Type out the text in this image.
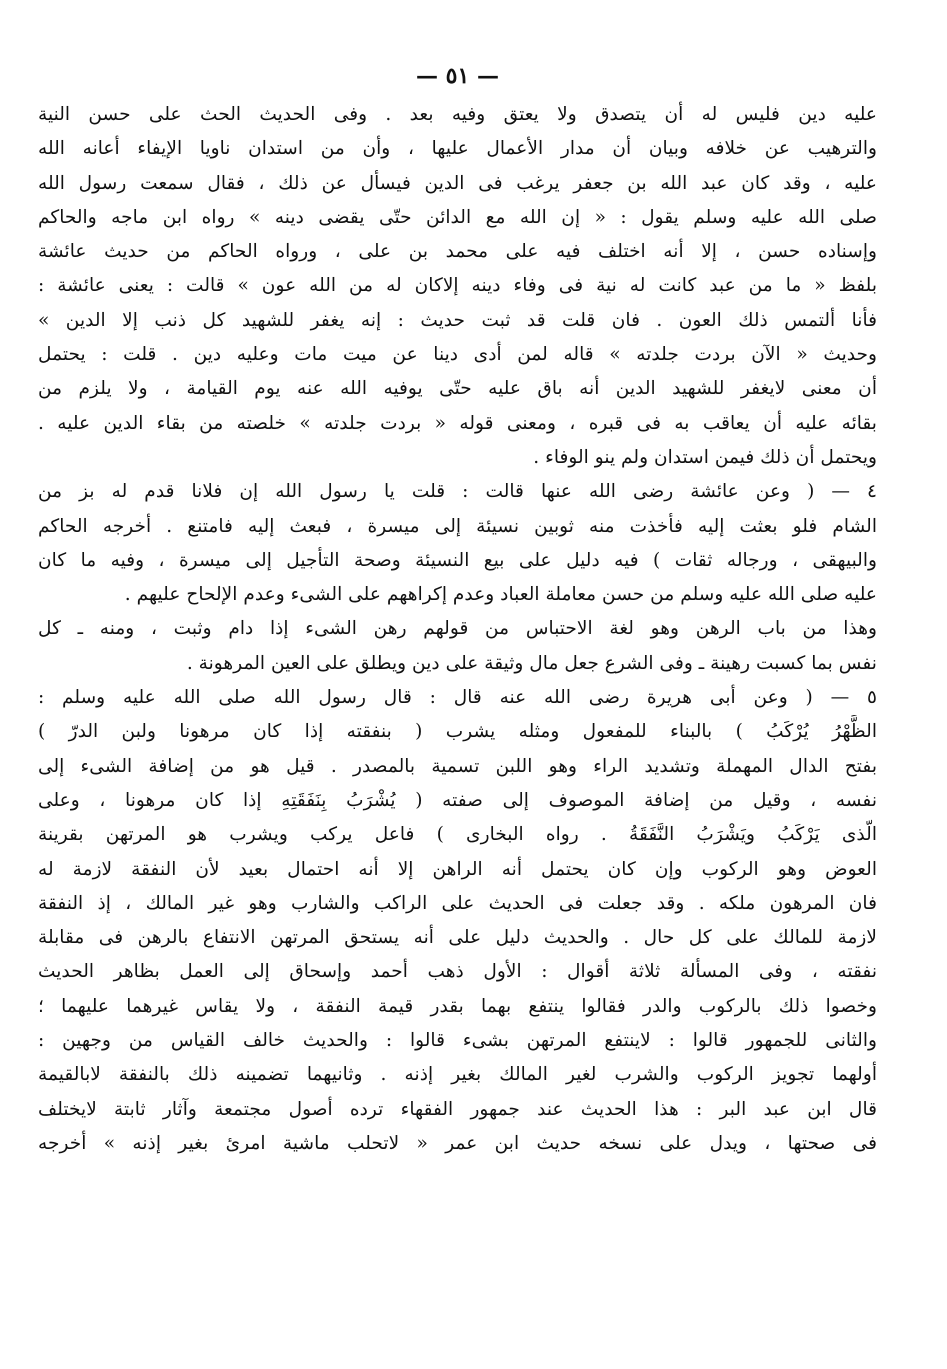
— ٥١ —
عليه دين فليس له أن يتصدق ولا يعتق وفيه بعد . وفى الحديث الحث على حسن النية
والترهيب عن خلافه وبيان أن مدار الأعمال عليها ، وأن من استدان ناويا الإيفاء أعانه الله
عليه ، وقد كان عبد الله بن جعفر يرغب فى الدين فيسأل عن ذلك ، فقال سمعت رسول الله
صلى الله عليه وسلم يقول : « إن الله مع الدائن حتّى يقضى دينه » رواه ابن ماجه والحاكم
وإسناده حسن ، إلا أنه اختلف فيه على محمد بن على ، ورواه الحاكم من حديث عائشة
بلفظ « ما من عبد كانت له نية فى وفاء دينه إلاكان له من الله عون » قالت : يعنى عائشة :
فأنا ألتمس ذلك العون . فان قلت قد ثبت حديث : إنه يغفر للشهيد كل ذنب إلا الدين »
وحديث « الآن بردت جلدته » قاله لمن أدى دينا عن ميت مات وعليه دين . قلت : يحتمل
أن معنى لايغفر للشهيد الدين أنه باق عليه حتّى يوفيه الله عنه يوم القيامة ، ولا يلزم من
بقائه عليه أن يعاقب به فى قبره ، ومعنى قوله « بردت جلدته » خلصته من بقاء الدين عليه .
ويحتمل أن ذلك فيمن استدان ولم ينو الوفاء .
٤ — ( وعن عائشة رضى الله عنها قالت : قلت يا رسول الله إن فلانا قدم له بز من
الشام فلو بعثت إليه فأخذت منه ثوبين نسيئة إلى ميسرة ، فبعث إليه فامتنع . أخرجه الحاكم
والبيهقى ، ورجاله ثقات ) فيه دليل على بيع النسيئة وصحة التأجيل إلى ميسرة ، وفيه ما كان
عليه صلى الله عليه وسلم من حسن معاملة العباد وعدم إكراههم على الشىء وعدم الإلحاح عليهم .
وهذا من باب الرهن وهو لغة الاحتباس من قولهم رهن الشىء إذا دام وثبت ، ومنه ـ كل
نفس بما كسبت رهينة ـ وفى الشرع جعل مال وثيقة على دين ويطلق على العين المرهونة .
٥ — ( وعن أبى هريرة رضى الله عنه قال : قال رسول الله صلى الله عليه وسلم :
الظَّهْرُ يُرْكَبُ ) بالبناء للمفعول ومثله يشرب ( بنفقته إذا كان مرهونا ولبن الدرّ )
بفتح الدال المهملة وتشديد الراء وهو اللبن تسمية بالمصدر . قيل هو من إضافة الشىء إلى
نفسه ، وقيل من إضافة الموصوف إلى صفته ( يُشْرَبُ بِنَفَقَتِهِ إذا كان مرهونا ، وعلى
الّذى يَرْكَبُ ويَشْرَبُ النَّفَقَةُ . رواه البخارى ) فاعل يركب ويشرب هو المرتهن بقرينة
العوض وهو الركوب وإن كان يحتمل أنه الراهن إلا أنه احتمال بعيد لأن النفقة لازمة له
فان المرهون ملكه . وقد جعلت فى الحديث على الراكب والشارب وهو غير المالك ، إذ النفقة
لازمة للمالك على كل حال . والحديث دليل على أنه يستحق المرتهن الانتفاع بالرهن فى مقابلة
نفقته ، وفى المسألة ثلاثة أقوال : الأول ذهب أحمد وإسحاق إلى العمل بظاهر الحديث
وخصوا ذلك بالركوب والدر فقالوا ينتفع بهما بقدر قيمة النفقة ، ولا يقاس غيرهما عليهما ؛
والثانى للجمهور قالوا : لاينتفع المرتهن بشىء قالوا : والحديث خالف القياس من وجهين :
أولهما تجويز الركوب والشرب لغير المالك بغير إذنه . وثانيهما تضمينه ذلك بالنفقة لابالقيمة
قال ابن عبد البر : هذا الحديث عند جمهور الفقهاء ترده أصول مجتمعة وآثار ثابتة لايختلف
فى صحتها ، ويدل على نسخه حديث ابن عمر « لاتحلب ماشية امرئ بغير إذنه » أخرجه
